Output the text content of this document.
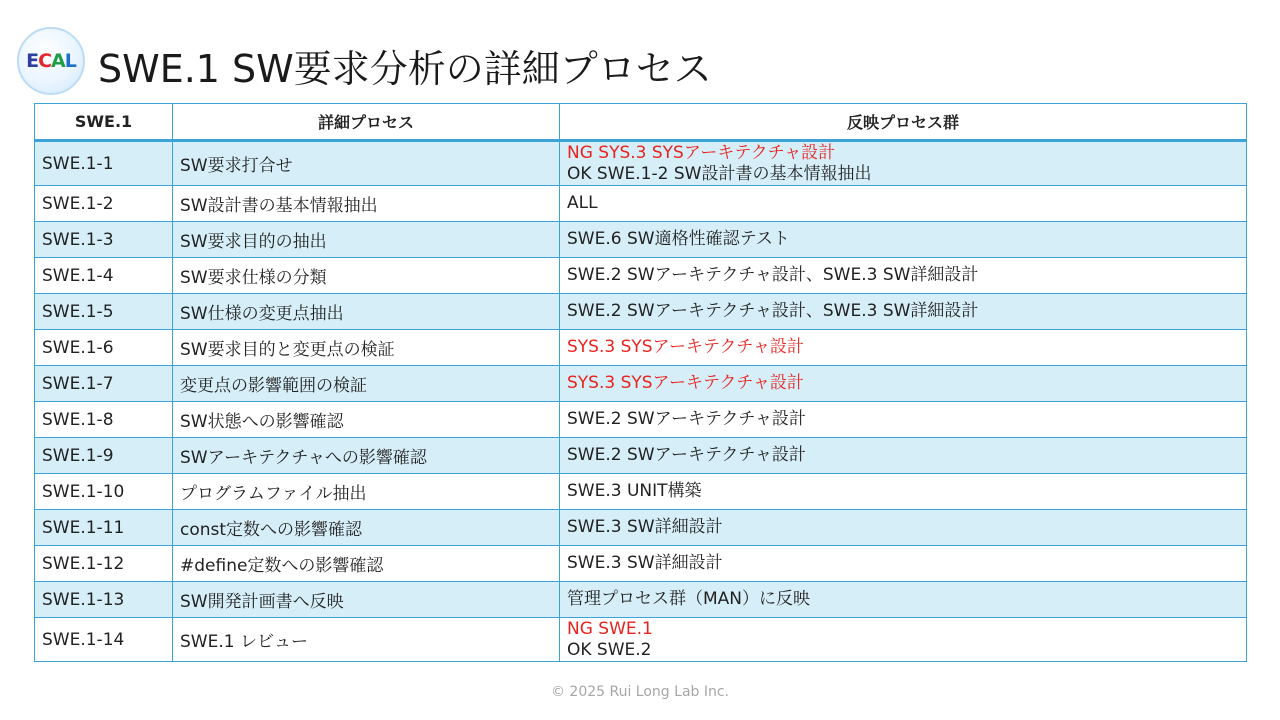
E C A L SWE.1 SW要求分析の詳細プロセス
SWE.1	詳細プロセス	反映プロセス群
SWE.1-1	SW要求打合せ	NG SYS.3 SYSアーキテクチャ設計
OK SWE.1-2 SW設計書の基本情報抽出

SWE.1-2	SW設計書の基本情報抽出	ALL

SWE.1-3	SW要求目的の抽出	SWE.6 SW適格性確認テスト

SWE.1-4	SW要求仕様の分類	SWE.2 SWアーキテクチャ設計、SWE.3 SW詳細設計

SWE.1-5	SW仕様の変更点抽出	SWE.2 SWアーキテクチャ設計、SWE.3 SW詳細設計

SWE.1-6	SW要求目的と変更点の検証	SYS.3 SYSアーキテクチャ設計

SWE.1-7	変更点の影響範囲の検証	SYS.3 SYSアーキテクチャ設計

SWE.1-8	SW状態への影響確認	SWE.2 SWアーキテクチャ設計

SWE.1-9	SWアーキテクチャへの影響確認	SWE.2 SWアーキテクチャ設計

SWE.1-10	プログラムファイル抽出	SWE.3 UNIT構築

SWE.1-11	const定数への影響確認	SWE.3 SW詳細設計

SWE.1-12	#define定数への影響確認	SWE.3 SW詳細設計

SWE.1-13	SW開発計画書へ反映	管理プロセス群（MAN）に反映

SWE.1-14	SWE.1 レビュー	NG SWE.1
OK SWE.2
© 2025 Rui Long Lab Inc.
